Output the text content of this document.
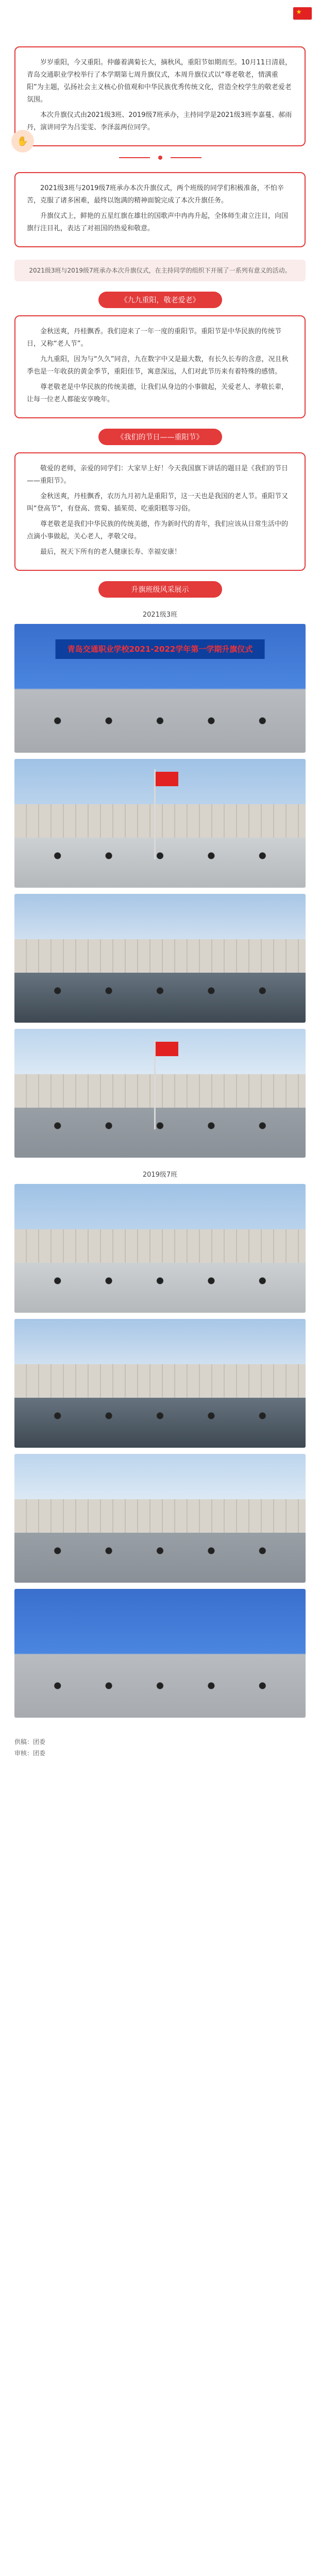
岁岁重阳，今又重阳。仲藤着满菊长大，摘秋风，重阳节如期而至。10月11日清晨，青岛交通职业学校举行了本学期第七周升旗仪式，本周升旗仪式以“尊老敬老，情满重阳”为主题，弘扬社会主义核心价值观和中华民族优秀传统文化，营造全校学生的敬老爱老氛围。

本次升旗仪式由2021级3班、2019级7班承办，主持同学是2021级3班李嘉蔓、郝雨丹，演讲同学为吕雯雯、李泽蕊两位同学。

✋

2021级3班与2019级7班承办本次升旗仪式，两个班级的同学们积极准备，不怕辛苦，克服了诸多困难，最终以饱满的精神面貌完成了本次升旗任务。

升旗仪式上，鲜艳的五星红旗在雄壮的国歌声中冉冉升起，全体师生肃立注目，向国旗行注目礼，表达了对祖国的热爱和敬意。

2021级3班与2019级7班承办本次升旗仪式，在主持同学的组织下开展了一系列有意义的活动。
《九九重阳，敬老爱老》

金秋送爽，丹桂飘香。我们迎来了一年一度的重阳节。重阳节是中华民族的传统节日，又称“老人节”。

九九重阳，因为与“久久”同音，九在数字中又是最大数，有长久长寿的含意，况且秋季也是一年收获的黄金季节，重阳佳节，寓意深远，人们对此节历来有着特殊的感情。

尊老敬老是中华民族的传统美德，让我们从身边的小事做起，关爱老人、孝敬长辈，让每一位老人都能安享晚年。

《我们的节日——重阳节》

敬爱的老师，亲爱的同学们：大家早上好！今天我国旗下讲话的题目是《我们的节日——重阳节》。

金秋送爽，丹桂飘香，农历九月初九是重阳节，这一天也是我国的老人节。重阳节又叫“登高节”，有登高、赏菊、插茱萸、吃重阳糕等习俗。

尊老敬老是我们中华民族的传统美德，作为新时代的青年，我们应该从日常生活中的点滴小事做起，关心老人，孝敬父母。

最后，祝天下所有的老人健康长寿、幸福安康！

升旗班级风采展示
2021级3班
青岛交通职业学校2021-2022学年第一学期升旗仪式
2019级7班
供稿：团委
审核：团委
